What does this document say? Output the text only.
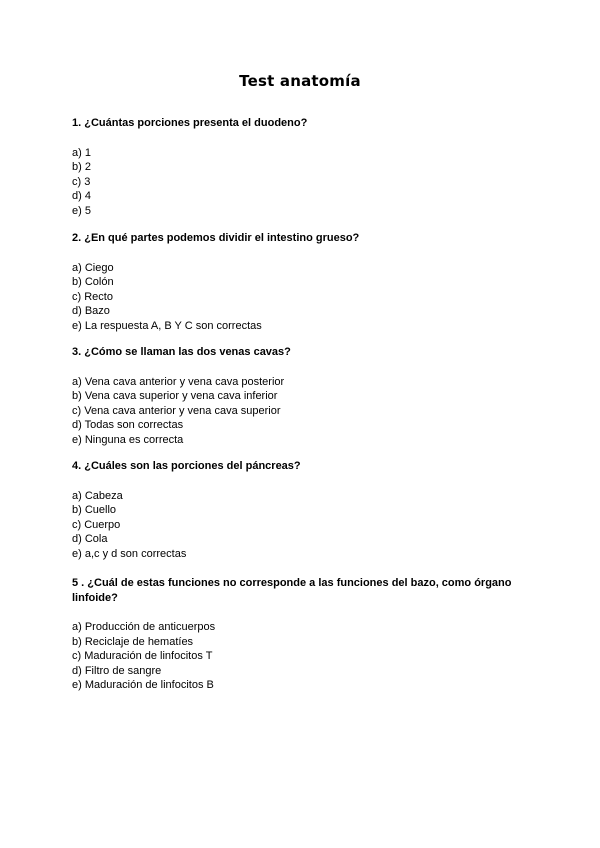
Test anatomía

1. ¿Cuántas porciones presenta el duodeno?

a) 1
b) 2
c) 3
d) 4
e) 5

2. ¿En qué partes podemos dividir el intestino grueso?

a) Ciego
b) Colón
c) Recto
d) Bazo
e) La respuesta A, B Y C son correctas

3. ¿Cómo se llaman las dos venas cavas?

a) Vena cava anterior y vena cava posterior
b) Vena cava superior y vena cava inferior
c) Vena cava anterior y vena cava superior
d) Todas son correctas
e) Ninguna es correcta

4. ¿Cuáles son las porciones del páncreas?

a) Cabeza
b) Cuello
c) Cuerpo
d) Cola
e) a,c y d son correctas

5 . ¿Cuál de estas funciones no corresponde a las funciones del bazo, como órgano linfoide?

a) Producción de anticuerpos
b) Reciclaje de hematíes
c) Maduración de linfocitos T
d) Filtro de sangre
e) Maduración de linfocitos B
